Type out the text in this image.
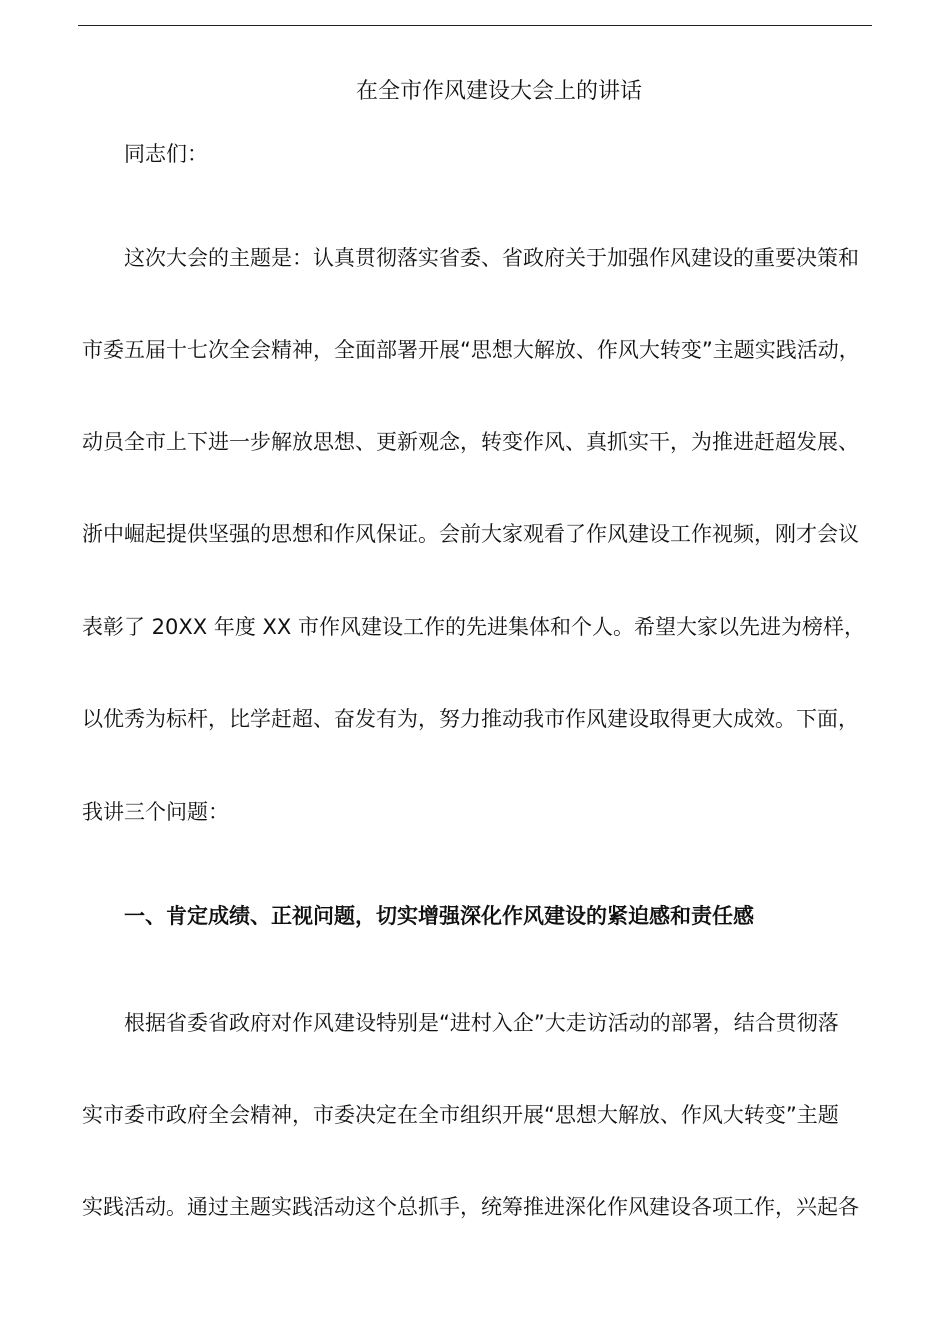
在全市作风建设大会上的讲话
同志们：
这次大会的主题是：认真贯彻落实省委、省政府关于加强作风建设的重要决策和
市委五届十七次全会精神，全面部署开展“思想大解放、作风大转变”主题实践活动，
动员全市上下进一步解放思想、更新观念，转变作风、真抓实干，为推进赶超发展、
浙中崛起提供坚强的思想和作风保证。会前大家观看了作风建设工作视频，刚才会议
表彰了 20XX 年度 XX 市作风建设工作的先进集体和个人。希望大家以先进为榜样，
以优秀为标杆，比学赶超、奋发有为，努力推动我市作风建设取得更大成效。下面，
我讲三个问题：
一、肯定成绩、正视问题，切实增强深化作风建设的紧迫感和责任感
根据省委省政府对作风建设特别是“进村入企”大走访活动的部署，结合贯彻落
实市委市政府全会精神，市委决定在全市组织开展“思想大解放、作风大转变”主题
实践活动。通过主题实践活动这个总抓手，统筹推进深化作风建设各项工作，兴起各
